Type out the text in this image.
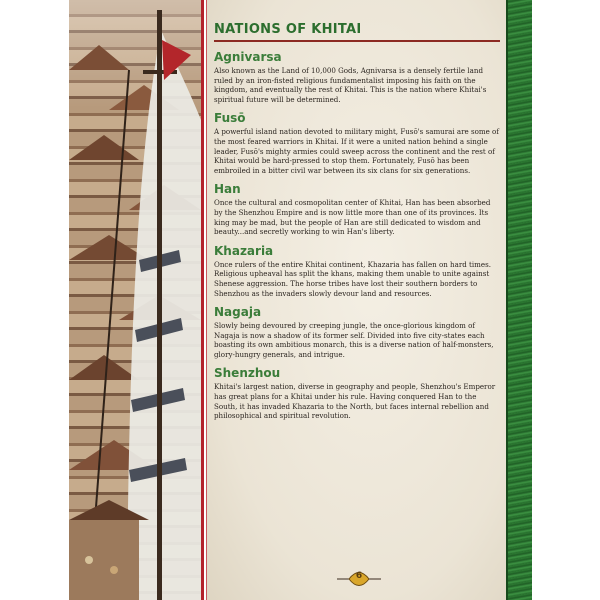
NATIONS OF KHITAI
Agnivarsa

Also known as the Land of 10,000 Gods, Agnivarsa is a densely fertile land ruled by an iron-fisted religious fundamentalist imposing his faith on the kingdom, and eventually the rest of Khitai. This is the nation where Khitai's spiritual future will be determined.

Fusō

A powerful island nation devoted to military might, Fusō's samurai are some of the most feared warriors in Khitai. If it were a united nation behind a single leader, Fusō's mighty armies could sweep across the continent and the rest of Khitai would be hard-pressed to stop them. Fortunately, Fusō has been embroiled in a bitter civil war between its six clans for six generations.

Han

Once the cultural and cosmopolitan center of Khitai, Han has been absorbed by the Shenzhou Empire and is now little more than one of its provinces. Its king may be mad, but the people of Han are still dedicated to wisdom and beauty...and secretly working to win Han's liberty.

Khazaria

Once rulers of the entire Khitai continent, Khazaria has fallen on hard times. Religious upheaval has split the khans, making them unable to unite against Shenese aggression. The horse tribes have lost their southern borders to Shenzhou as the invaders slowly devour land and resources.

Nagaja

Slowly being devoured by creeping jungle, the once-glorious kingdom of Nagaja is now a shadow of its former self. Divided into five city-states each boasting its own ambitious monarch, this is a diverse nation of half-monsters, glory-hungry generals, and intrigue.

Shenzhou

Khitai's largest nation, diverse in geography and people, Shenzhou's Emperor has great plans for a Khitai under his rule. Having conquered Han to the South, it has invaded Khazaria to the North, but faces internal rebellion and philosophical and spiritual revolution.

6
